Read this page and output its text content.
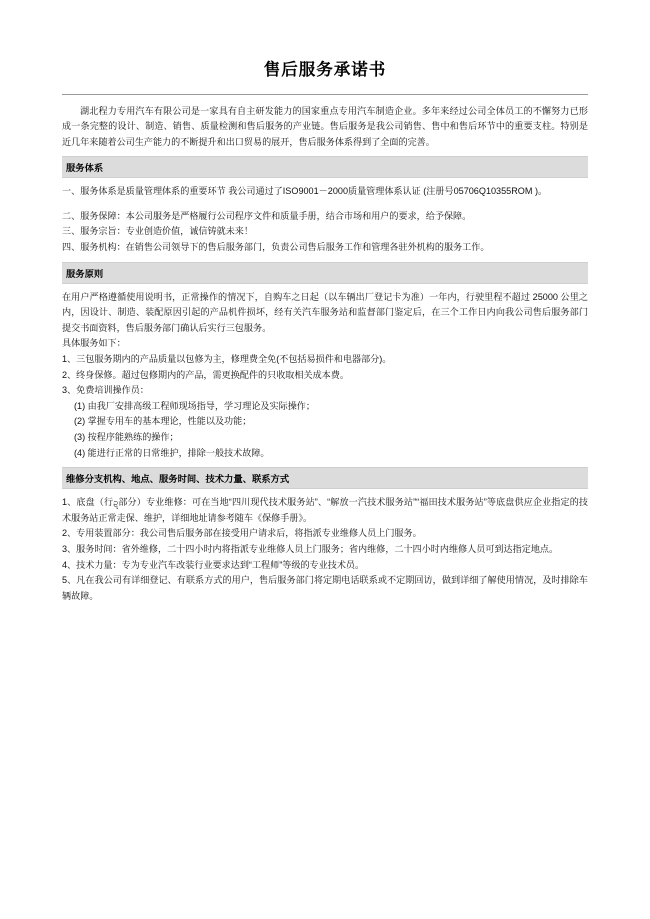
售后服务承诺书

湖北程力专用汽车有限公司是一家具有自主研发能力的国家重点专用汽车制造企业。多年来经过公司全体员工的不懈努力已形成一条完整的设计、制造、销售、质量检测和售后服务的产业链。售后服务是我公司销售、售中和售后环节中的重要支柱。特别是近几年来随着公司生产能力的不断提升和出口贸易的展开，售后服务体系得到了全面的完善。

服务体系

一、服务体系是质量管理体系的重要环节 我公司通过了ISO9001－2000质量管理体系认证 (注册号05706Q10355ROM )。

二、服务保障：本公司服务是严格履行公司程序文件和质量手册，结合市场和用户的要求，给予保障。

三、服务宗旨：专业创造价值，诚信铸就未来！

四、服务机构：在销售公司领导下的售后服务部门，负责公司售后服务工作和管理各驻外机构的服务工作。

服务原则

在用户严格遵循使用说明书，正常操作的情况下，自购车之日起（以车辆出厂登记卡为准）一年内，行驶里程不超过 25000 公里之内，因设计、制造、装配原因引起的产品机件损坏，经有关汽车服务站和监督部门鉴定后，在三个工作日内向我公司售后服务部门提交书面资料，售后服务部门确认后实行三包服务。

具体服务如下：

1、三包服务期内的产品质量以包修为主，修理费全免(不包括易损件和电器部分)。

2、终身保修。超过包修期内的产品，需更换配件的只收取相关成本费。

3、免费培训操作员：

(1) 由我厂安排高级工程师现场指导，学习理论及实际操作；

(2) 掌握专用车的基本理论，性能以及功能；

(3) 按程序能熟练的操作；

(4) 能进行正常的日常维护，排除一般技术故障。

维修分支机构、地点、服务时间、技术力量、联系方式

1、底盘（行ဍ部分）专业维修：可在当地“四川现代技术服务站”、“解放一汽技术服务站”“福田技术服务站”等底盘供应企业指定的技术服务站正常走保、维护，详细地址请参考随车《保修手册》。

2、专用装置部分：我公司售后服务部在接受用户请求后，将指派专业维修人员上门服务。

3、服务时间：省外维修，二十四小时内将指派专业维修人员上门服务；省内维修，二十四小时内维修人员可到达指定地点。

4、技术力量：专为专业汽车改装行业要求达到“工程师”等级的专业技术员。

5、凡在我公司有详细登记、有联系方式的用户，售后服务部门将定期电话联系或不定期回访，做到详细了解使用情况，及时排除车辆故障。
